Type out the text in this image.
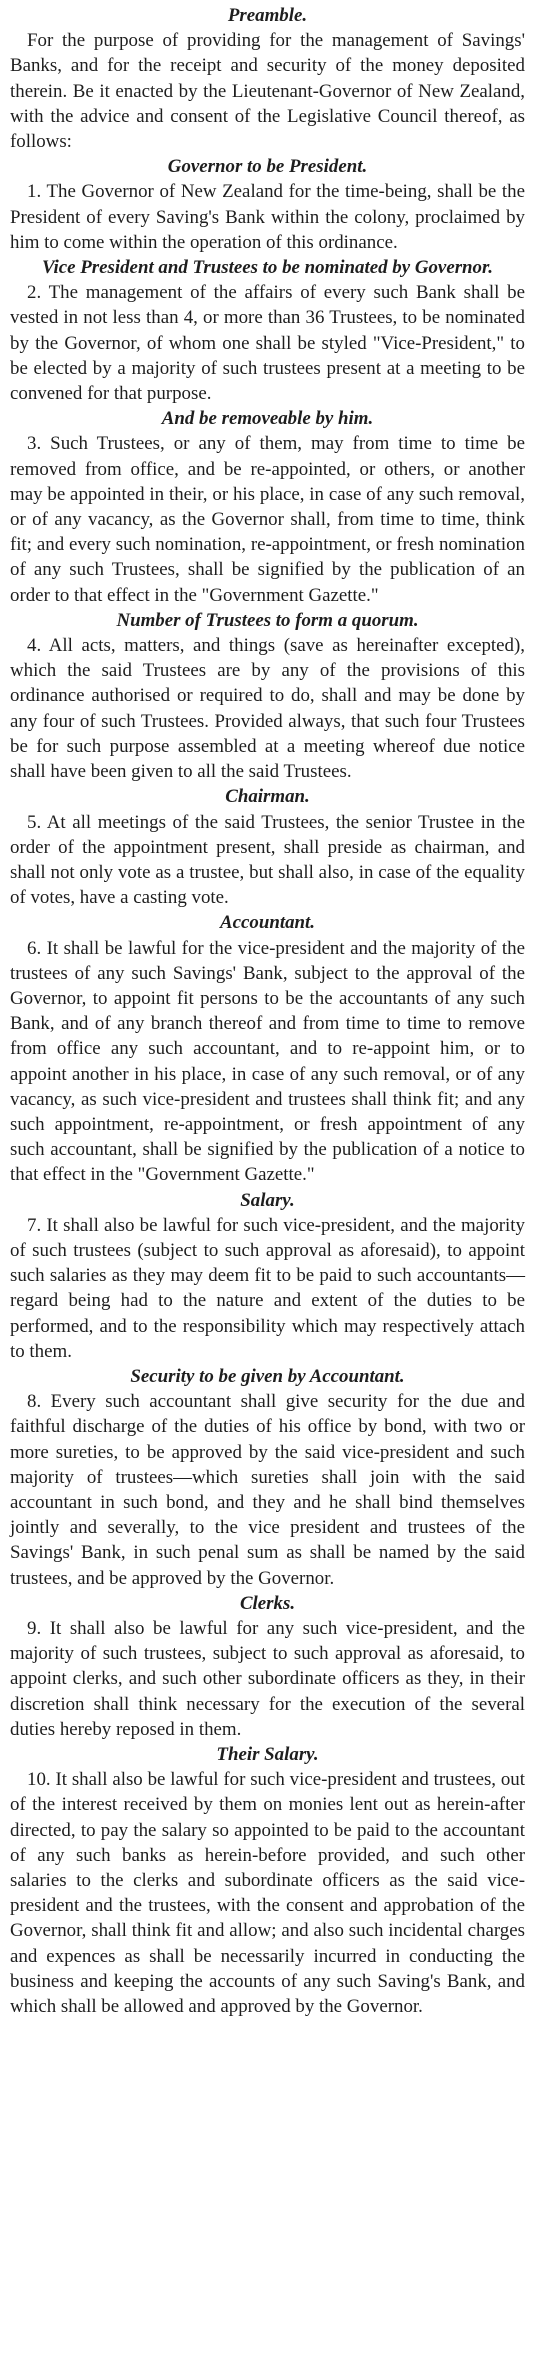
Preamble.

For the purpose of providing for the management of Savings' Banks, and for the receipt and security of the money deposited therein. Be it enacted by the Lieutenant-Governor of New Zealand, with the advice and consent of the Legislative Council thereof, as follows:

Governor to be President.

1. The Governor of New Zealand for the time-being, shall be the President of every Saving's Bank within the colony, proclaimed by him to come within the operation of this ordinance.

Vice President and Trustees to be nominated by Governor.

2. The management of the affairs of every such Bank shall be vested in not less than 4, or more than 36 Trustees, to be nominated by the Governor, of whom one shall be styled "Vice-President," to be elected by a majority of such trustees present at a meeting to be convened for that purpose.

And be removeable by him.

3. Such Trustees, or any of them, may from time to time be removed from office, and be re-appointed, or others, or another may be appointed in their, or his place, in case of any such removal, or of any vacancy, as the Governor shall, from time to time, think fit; and every such nomination, re-appointment, or fresh nomination of any such Trustees, shall be signified by the publication of an order to that effect in the "Government Gazette."

Number of Trustees to form a quorum.

4. All acts, matters, and things (save as hereinafter excepted), which the said Trustees are by any of the provisions of this ordinance authorised or required to do, shall and may be done by any four of such Trustees. Provided always, that such four Trustees be for such purpose assembled at a meeting whereof due notice shall have been given to all the said Trustees.

Chairman.

5. At all meetings of the said Trustees, the senior Trustee in the order of the appointment present, shall preside as chairman, and shall not only vote as a trustee, but shall also, in case of the equality of votes, have a casting vote.

Accountant.

6. It shall be lawful for the vice-president and the majority of the trustees of any such Savings' Bank, subject to the approval of the Governor, to appoint fit persons to be the accountants of any such Bank, and of any branch thereof and from time to time to remove from office any such accountant, and to re-appoint him, or to appoint another in his place, in case of any such removal, or of any vacancy, as such vice-president and trustees shall think fit; and any such appointment, re-appointment, or fresh appointment of any such accountant, shall be signified by the publication of a notice to that effect in the "Government Gazette."

Salary.

7. It shall also be lawful for such vice-president, and the majority of such trustees (subject to such approval as aforesaid), to appoint such salaries as they may deem fit to be paid to such accountants—regard being had to the nature and extent of the duties to be performed, and to the responsibility which may respectively attach to them.

Security to be given by Accountant.

8. Every such accountant shall give security for the due and faithful discharge of the duties of his office by bond, with two or more sureties, to be approved by the said vice-president and such majority of trustees—which sureties shall join with the said accountant in such bond, and they and he shall bind themselves jointly and severally, to the vice president and trustees of the Savings' Bank, in such penal sum as shall be named by the said trustees, and be approved by the Governor.

Clerks.

9. It shall also be lawful for any such vice-president, and the majority of such trustees, subject to such approval as aforesaid, to appoint clerks, and such other subordinate officers as they, in their discretion shall think necessary for the execution of the several duties hereby reposed in them.

Their Salary.

10. It shall also be lawful for such vice-president and trustees, out of the interest received by them on monies lent out as herein-after directed, to pay the salary so appointed to be paid to the accountant of any such banks as herein-before provided, and such other salaries to the clerks and subordinate officers as the said vice-president and the trustees, with the consent and approbation of the Governor, shall think fit and allow; and also such incidental charges and expences as shall be necessarily incurred in conducting the business and keeping the accounts of any such Saving's Bank, and which shall be allowed and approved by the Governor.
